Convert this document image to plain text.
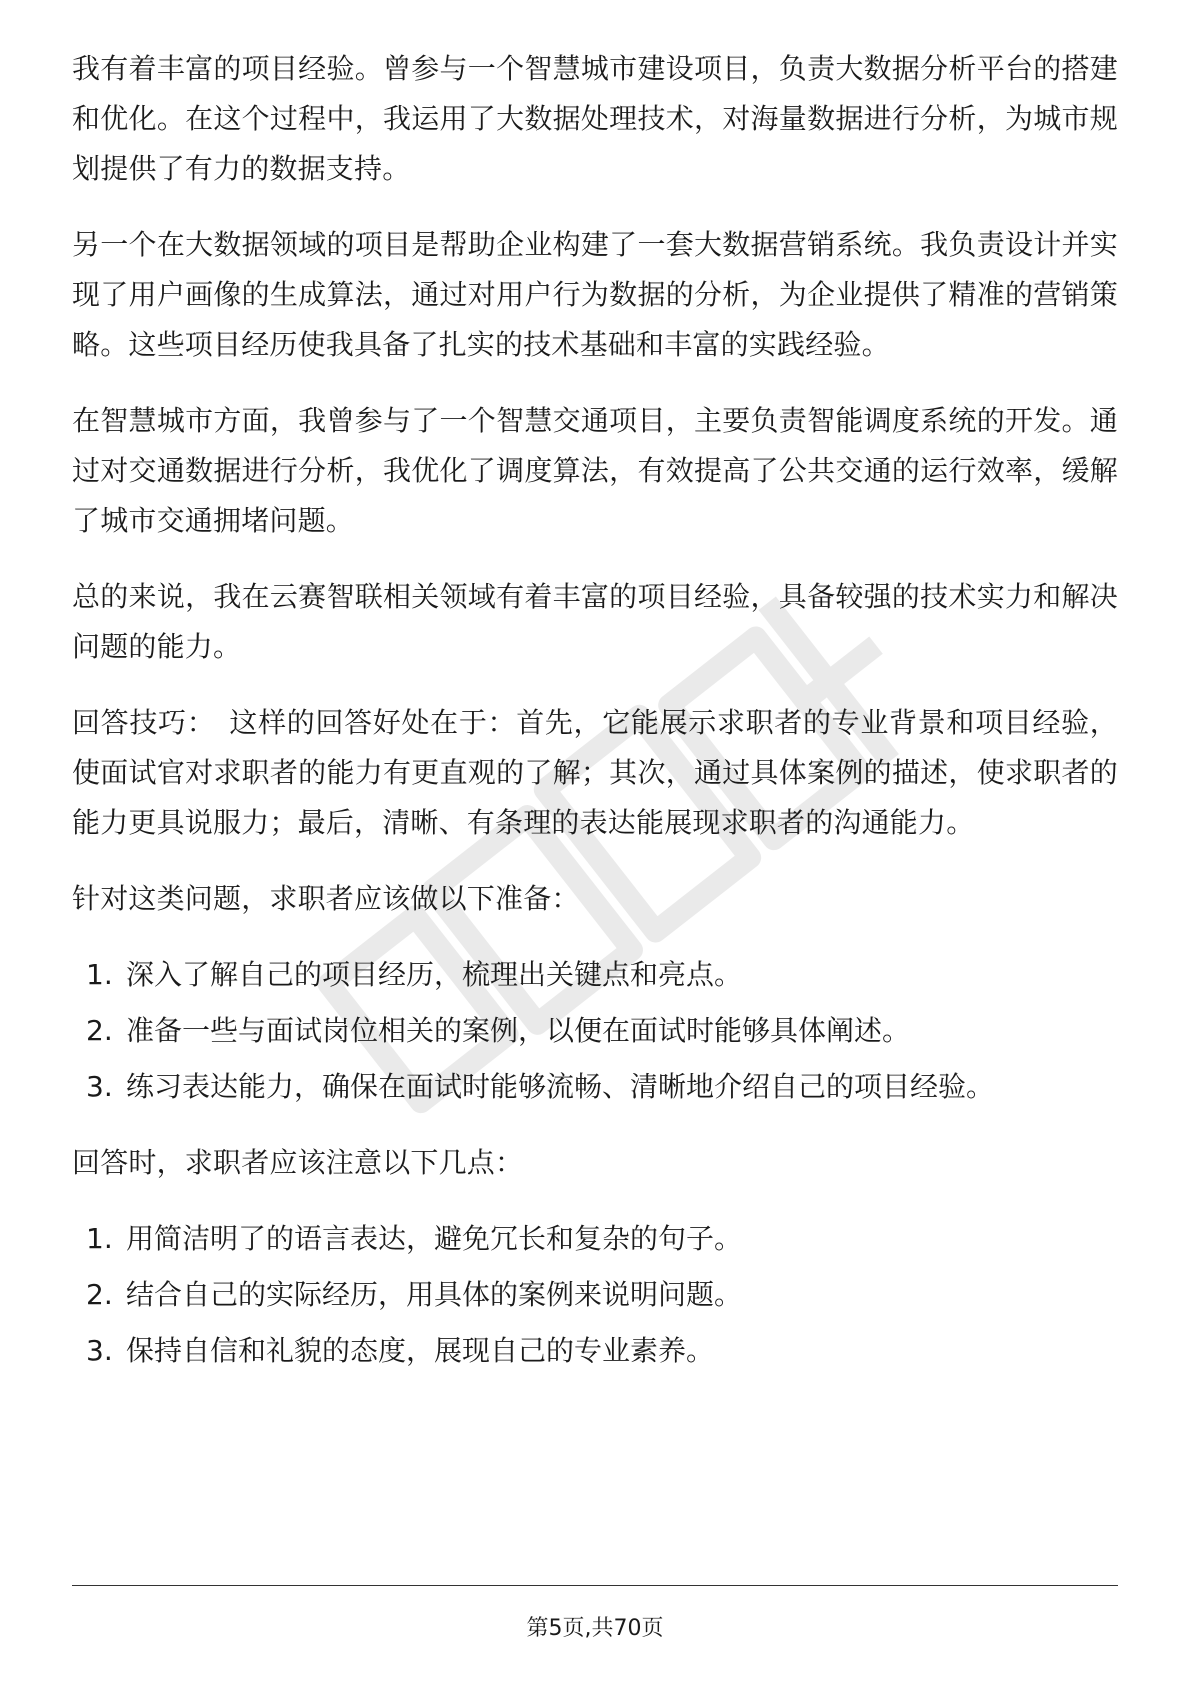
我有着丰富的项目经验。曾参与一个智慧城市建设项目，负责大数据分析平台的搭建和优化。在这个过程中，我运用了大数据处理技术，对海量数据进行分析，为城市规划提供了有力的数据支持。

另一个在大数据领域的项目是帮助企业构建了一套大数据营销系统。我负责设计并实现了用户画像的生成算法，通过对用户行为数据的分析，为企业提供了精准的营销策略。这些项目经历使我具备了扎实的技术基础和丰富的实践经验。

在智慧城市方面，我曾参与了一个智慧交通项目，主要负责智能调度系统的开发。通过对交通数据进行分析，我优化了调度算法，有效提高了公共交通的运行效率，缓解了城市交通拥堵问题。

总的来说，我在云赛智联相关领域有着丰富的项目经验，具备较强的技术实力和解决问题的能力。

回答技巧： 这样的回答好处在于：首先，它能展示求职者的专业背景和项目经验，使面试官对求职者的能力有更直观的了解；其次，通过具体案例的描述，使求职者的能力更具说服力；最后，清晰、有条理的表达能展现求职者的沟通能力。

针对这类问题，求职者应该做以下准备：

1. 深入了解自己的项目经历，梳理出关键点和亮点。
2. 准备一些与面试岗位相关的案例，以便在面试时能够具体阐述。
3. 练习表达能力，确保在面试时能够流畅、清晰地介绍自己的项目经验。

回答时，求职者应该注意以下几点：

1. 用简洁明了的语言表达，避免冗长和复杂的句子。
2. 结合自己的实际经历，用具体的案例来说明问题。
3. 保持自信和礼貌的态度，展现自己的专业素养。
第5页,共70页
